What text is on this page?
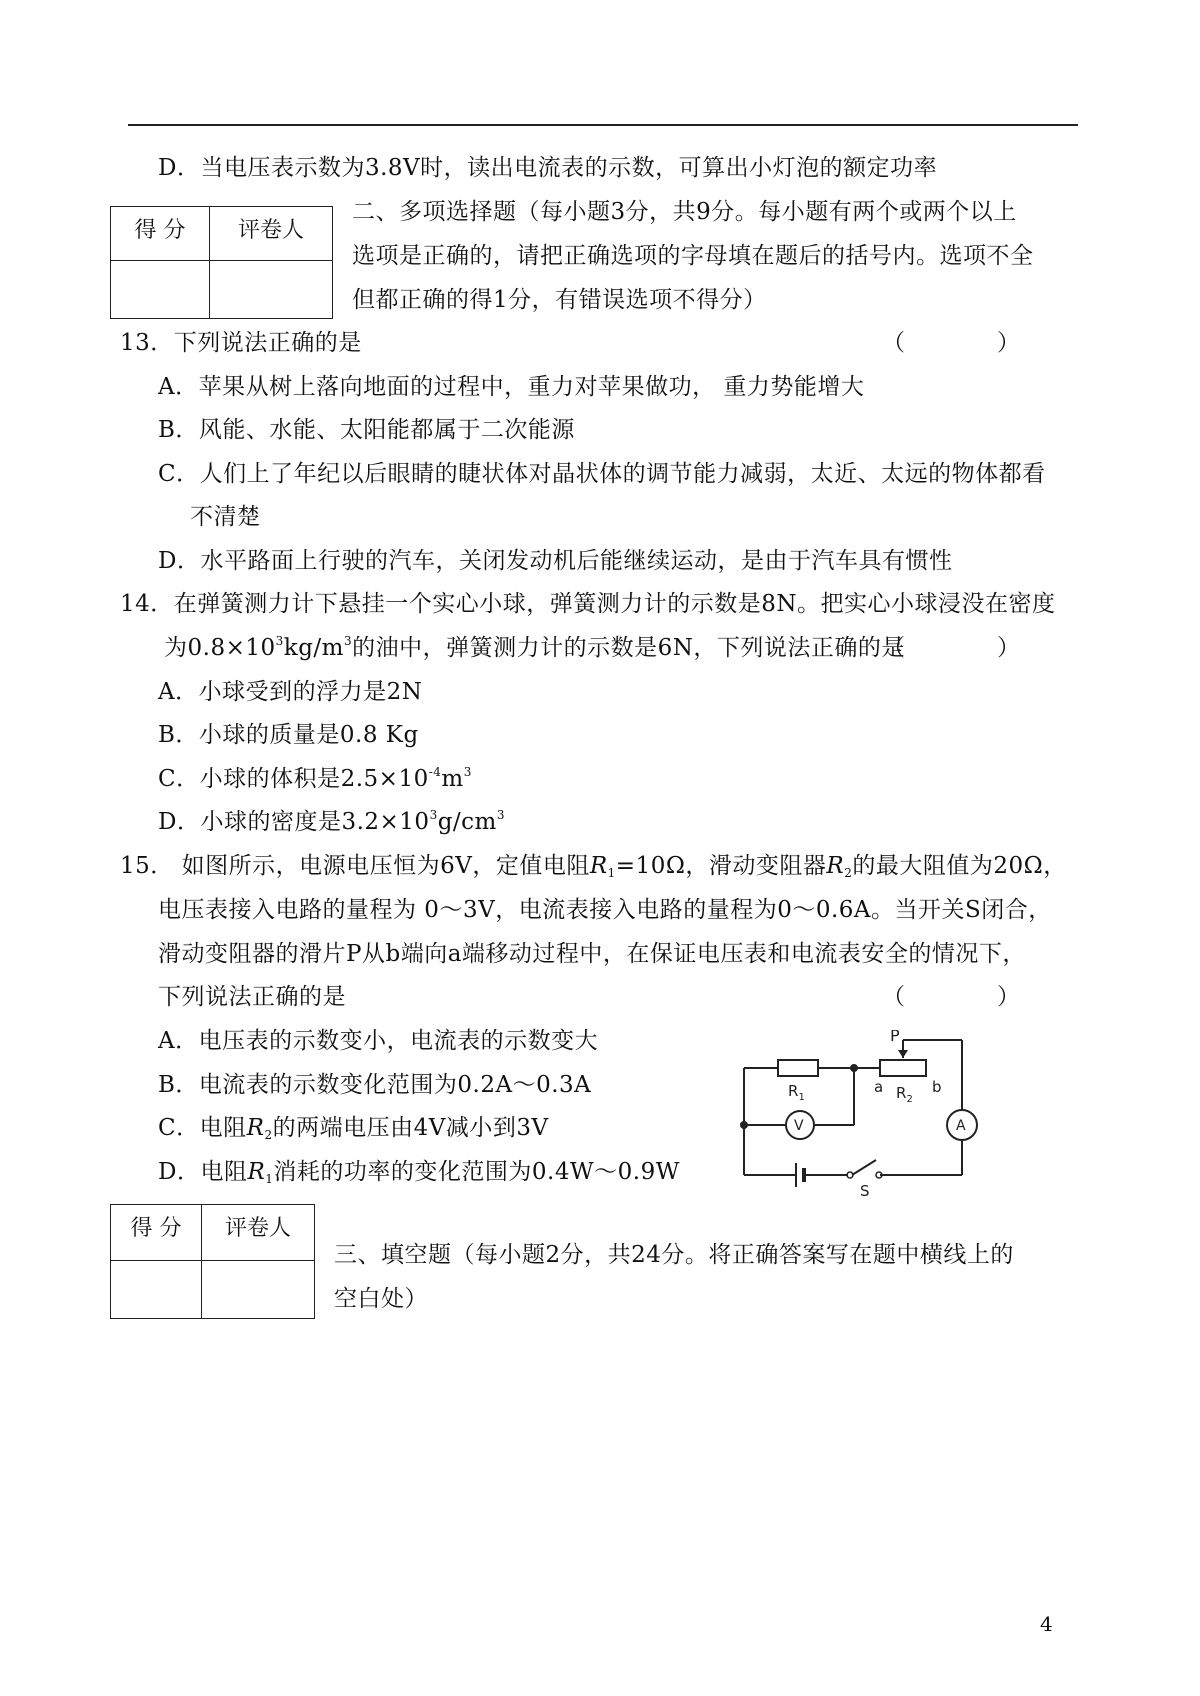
D．当电压表示数为3.8V时，读出电流表的示数，可算出小灯泡的额定功率
得 分	评卷人

二、多项选择题（每小题3分，共9分。每小题有两个或两个以上
选项是正确的，请把正确选项的字母填在题后的括号内。选项不全
但都正确的得1分，有错误选项不得分）
13．下列说法正确的是	（　　　　）
A．苹果从树上落向地面的过程中，重力对苹果做功， 重力势能增大
B．风能、水能、太阳能都属于二次能源
C．人们上了年纪以后眼睛的睫状体对晶状体的调节能力减弱，太近、太远的物体都看
不清楚
D．水平路面上行驶的汽车，关闭发动机后能继续运动，是由于汽车具有惯性
14．在弹簧测力计下悬挂一个实心小球，弹簧测力计的示数是8N。把实心小球浸没在密度
为$0.8\times 10^3kg/m^3$的油中，弹簧测力计的示数是6N，下列说法正确的是
（　　　　）
A．小球受到的浮力是2N
B．小球的质量是0.8 Kg
C．小球的体积是$2.5\times 10^{-4}m^3$
D．小球的密度是$3.2\times 10^3g/cm^3$
15． 如图所示，电源电压恒为6V，定值电阻$R_1=10\Omega$，滑动变阻器$R_2$的最大阻值为20Ω，
电压表接入电路的量程为 0～3V，电流表接入电路的量程为0～0.6A。当开关S闭合，
滑动变阻器的滑片P从b端向a端移动过程中，在保证电压表和电流表安全的情况下，
下列说法正确的是	（　　　　）
A．电压表的示数变小，电流表的示数变大
B．电流表的示数变化范围为0.2A～0.3A
C．电阻$R_2$的两端电压由4V减小到3V
D．电阻$R_1$消耗的功率的变化范围为0.4W～0.9W
P
$R_1$	$R_2$
a	b
V	A
S
得 分	评卷人

三、填空题（每小题2分，共24分。将正确答案写在题中横线上的
空白处）
4
